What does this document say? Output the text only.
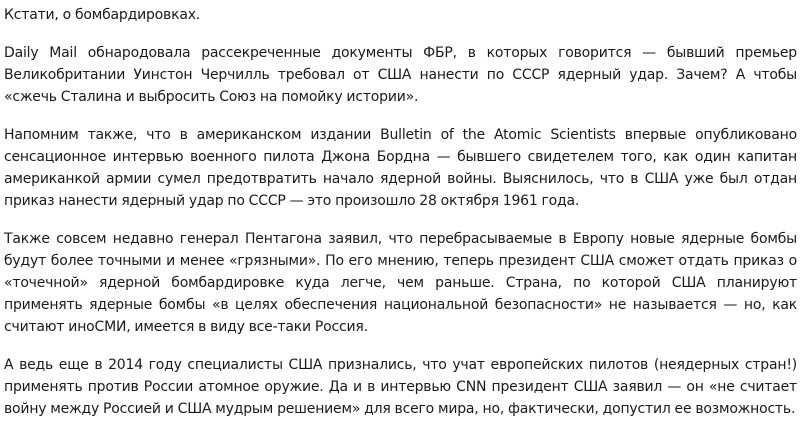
Кстати, о бомбардировках.

Daily Mail обнародовала рассекреченные документы ФБР, в которых говорится — бывший премьер Великобритании Уинстон Черчилль требовал от США нанести по СССР ядерный удар. Зачем? А чтобы «сжечь Сталина и выбросить Союз на помойку истории».

Напомним также, что в американском издании Bulletin of the Atomic Scientists впервые опубликовано сенсационное интервью военного пилота Джона Бордна — бывшего свидетелем того, как один капитан американкой армии сумел предотвратить начало ядерной войны. Выяснилось, что в США уже был отдан приказ нанести ядерный удар по СССР — это произошло 28 октября 1961 года.

Также совсем недавно генерал Пентагона заявил, что перебрасываемые в Европу новые ядерные бомбы будут более точными и менее «грязными». По его мнению, теперь президент США сможет отдать приказ о «точечной» ядерной бомбардировке куда легче, чем раньше. Страна, по которой США планируют применять ядерные бомбы «в целях обеспечения национальной безопасности» не называется — но, как считают иноСМИ, имеется в виду все-таки Россия.

А ведь еще в 2014 году специалисты США признались, что учат европейских пилотов (неядерных стран!) применять против России атомное оружие. Да и в интервью CNN президент США заявил — он «не считает войну между Россией и США мудрым решением» для всего мира, но, фактически, допустил ее возможность.
